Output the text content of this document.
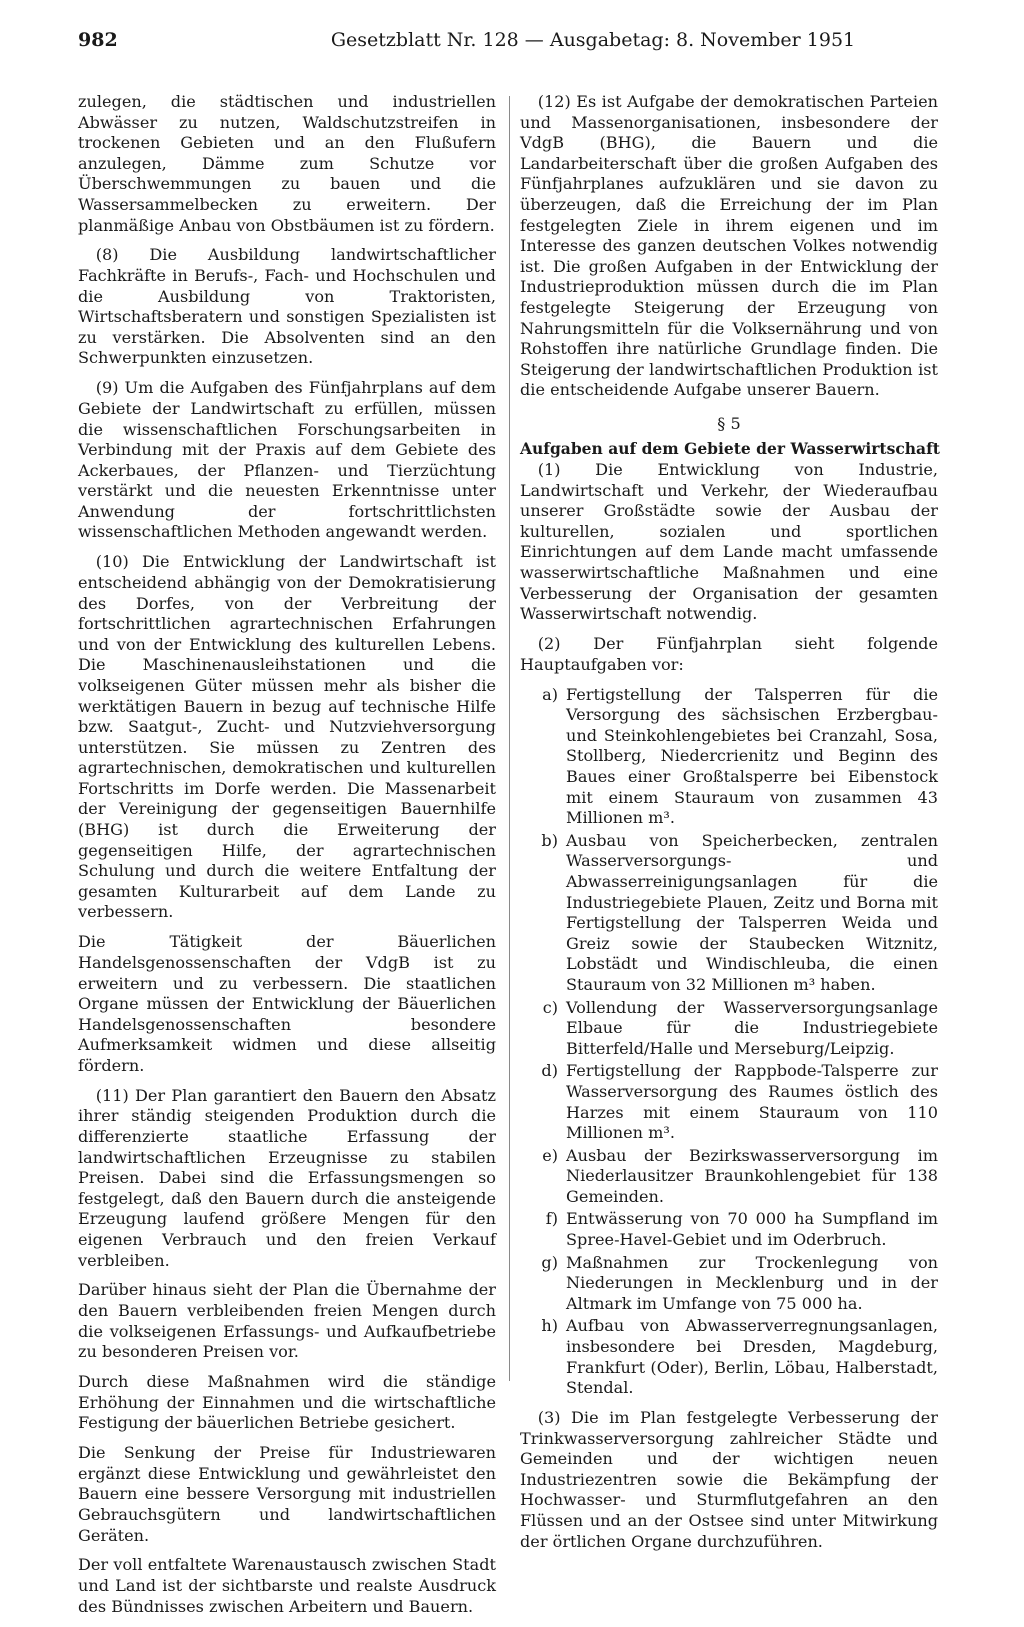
982	Gesetzblatt Nr. 128 — Ausgabetag: 8. November 1951

zulegen, die städtischen und industriellen Abwässer zu nutzen, Waldschutzstreifen in trockenen Gebieten und an den Flußufern anzulegen, Dämme zum Schutze vor Überschwemmungen zu bauen und die Wassersammelbecken zu erweitern. Der planmäßige Anbau von Obstbäumen ist zu fördern.

(8) Die Ausbildung landwirtschaftlicher Fachkräfte in Berufs-, Fach- und Hochschulen und die Ausbildung von Traktoristen, Wirtschaftsberatern und sonstigen Spezialisten ist zu verstärken. Die Absolventen sind an den Schwerpunkten einzusetzen.

(9) Um die Aufgaben des Fünfjahrplans auf dem Gebiete der Landwirtschaft zu erfüllen, müssen die wissenschaftlichen Forschungsarbeiten in Verbindung mit der Praxis auf dem Gebiete des Ackerbaues, der Pflanzen- und Tierzüchtung verstärkt und die neuesten Erkenntnisse unter Anwendung der fortschrittlichsten wissenschaftlichen Methoden angewandt werden.

(10) Die Entwicklung der Landwirtschaft ist entscheidend abhängig von der Demokratisierung des Dorfes, von der Verbreitung der fortschrittlichen agrartechnischen Erfahrungen und von der Entwicklung des kulturellen Lebens. Die Maschinenausleihstationen und die volkseigenen Güter müssen mehr als bisher die werktätigen Bauern in bezug auf technische Hilfe bzw. Saatgut-, Zucht- und Nutzviehversorgung unterstützen. Sie müssen zu Zentren des agrartechnischen, demokratischen und kulturellen Fortschritts im Dorfe werden. Die Massenarbeit der Vereinigung der gegenseitigen Bauernhilfe (BHG) ist durch die Erweiterung der gegenseitigen Hilfe, der agrartechnischen Schulung und durch die weitere Entfaltung der gesamten Kulturarbeit auf dem Lande zu verbessern.

Die Tätigkeit der Bäuerlichen Handelsgenossenschaften der VdgB ist zu erweitern und zu verbessern. Die staatlichen Organe müssen der Entwicklung der Bäuerlichen Handelsgenossenschaften besondere Aufmerksamkeit widmen und diese allseitig fördern.

(11) Der Plan garantiert den Bauern den Absatz ihrer ständig steigenden Produktion durch die differenzierte staatliche Erfassung der landwirtschaftlichen Erzeugnisse zu stabilen Preisen. Dabei sind die Erfassungsmengen so festgelegt, daß den Bauern durch die ansteigende Erzeugung laufend größere Mengen für den eigenen Verbrauch und den freien Verkauf verbleiben.

Darüber hinaus sieht der Plan die Übernahme der den Bauern verbleibenden freien Mengen durch die volkseigenen Erfassungs- und Aufkaufbetriebe zu besonderen Preisen vor.

Durch diese Maßnahmen wird die ständige Erhöhung der Einnahmen und die wirtschaftliche Festigung der bäuerlichen Betriebe gesichert.

Die Senkung der Preise für Industriewaren ergänzt diese Entwicklung und gewährleistet den Bauern eine bessere Versorgung mit industriellen Gebrauchsgütern und landwirtschaftlichen Geräten.

Der voll entfaltete Warenaustausch zwischen Stadt und Land ist der sichtbarste und realste Ausdruck des Bündnisses zwischen Arbeitern und Bauern.

(12) Es ist Aufgabe der demokratischen Parteien und Massenorganisationen, insbesondere der VdgB (BHG), die Bauern und die Landarbeiterschaft über die großen Aufgaben des Fünfjahrplanes aufzuklären und sie davon zu überzeugen, daß die Erreichung der im Plan festgelegten Ziele in ihrem eigenen und im Interesse des ganzen deutschen Volkes notwendig ist. Die großen Aufgaben in der Entwicklung der Industrieproduktion müssen durch die im Plan festgelegte Steigerung der Erzeugung von Nahrungsmitteln für die Volksernährung und von Rohstoffen ihre natürliche Grundlage finden. Die Steigerung der landwirtschaftlichen Produktion ist die entscheidende Aufgabe unserer Bauern.

§ 5
Aufgaben auf dem Gebiete der Wasserwirtschaft

(1) Die Entwicklung von Industrie, Landwirtschaft und Verkehr, der Wiederaufbau unserer Großstädte sowie der Ausbau der kulturellen, sozialen und sportlichen Einrichtungen auf dem Lande macht umfassende wasserwirtschaftliche Maßnahmen und eine Verbesserung der Organisation der gesamten Wasserwirtschaft notwendig.

(2) Der Fünfjahrplan sieht folgende Hauptaufgaben vor:

a) Fertigstellung der Talsperren für die Versorgung des sächsischen Erzbergbau- und Steinkohlengebietes bei Cranzahl, Sosa, Stollberg, Niedercrienitz und Beginn des Baues einer Großtalsperre bei Eibenstock mit einem Stauraum von zusammen 43 Millionen m³.
b) Ausbau von Speicherbecken, zentralen Wasserversorgungs- und Abwasserreinigungsanlagen für die Industriegebiete Plauen, Zeitz und Borna mit Fertigstellung der Talsperren Weida und Greiz sowie der Staubecken Witznitz, Lobstädt und Windischleuba, die einen Stauraum von 32 Millionen m³ haben.
c) Vollendung der Wasserversorgungsanlage Elbaue für die Industriegebiete Bitterfeld/Halle und Merseburg/Leipzig.
d) Fertigstellung der Rappbode-Talsperre zur Wasserversorgung des Raumes östlich des Harzes mit einem Stauraum von 110 Millionen m³.
e) Ausbau der Bezirkswasserversorgung im Niederlausitzer Braunkohlengebiet für 138 Gemeinden.
f) Entwässerung von 70 000 ha Sumpfland im Spree-Havel-Gebiet und im Oderbruch.
g) Maßnahmen zur Trockenlegung von Niederungen in Mecklenburg und in der Altmark im Umfange von 75 000 ha.
h) Aufbau von Abwasserverregnungsanlagen, insbesondere bei Dresden, Magdeburg, Frankfurt (Oder), Berlin, Löbau, Halberstadt, Stendal.

(3) Die im Plan festgelegte Verbesserung der Trinkwasserversorgung zahlreicher Städte und Gemeinden und der wichtigen neuen Industriezentren sowie die Bekämpfung der Hochwasser- und Sturmflutgefahren an den Flüssen und an der Ostsee sind unter Mitwirkung der örtlichen Organe durchzuführen.
